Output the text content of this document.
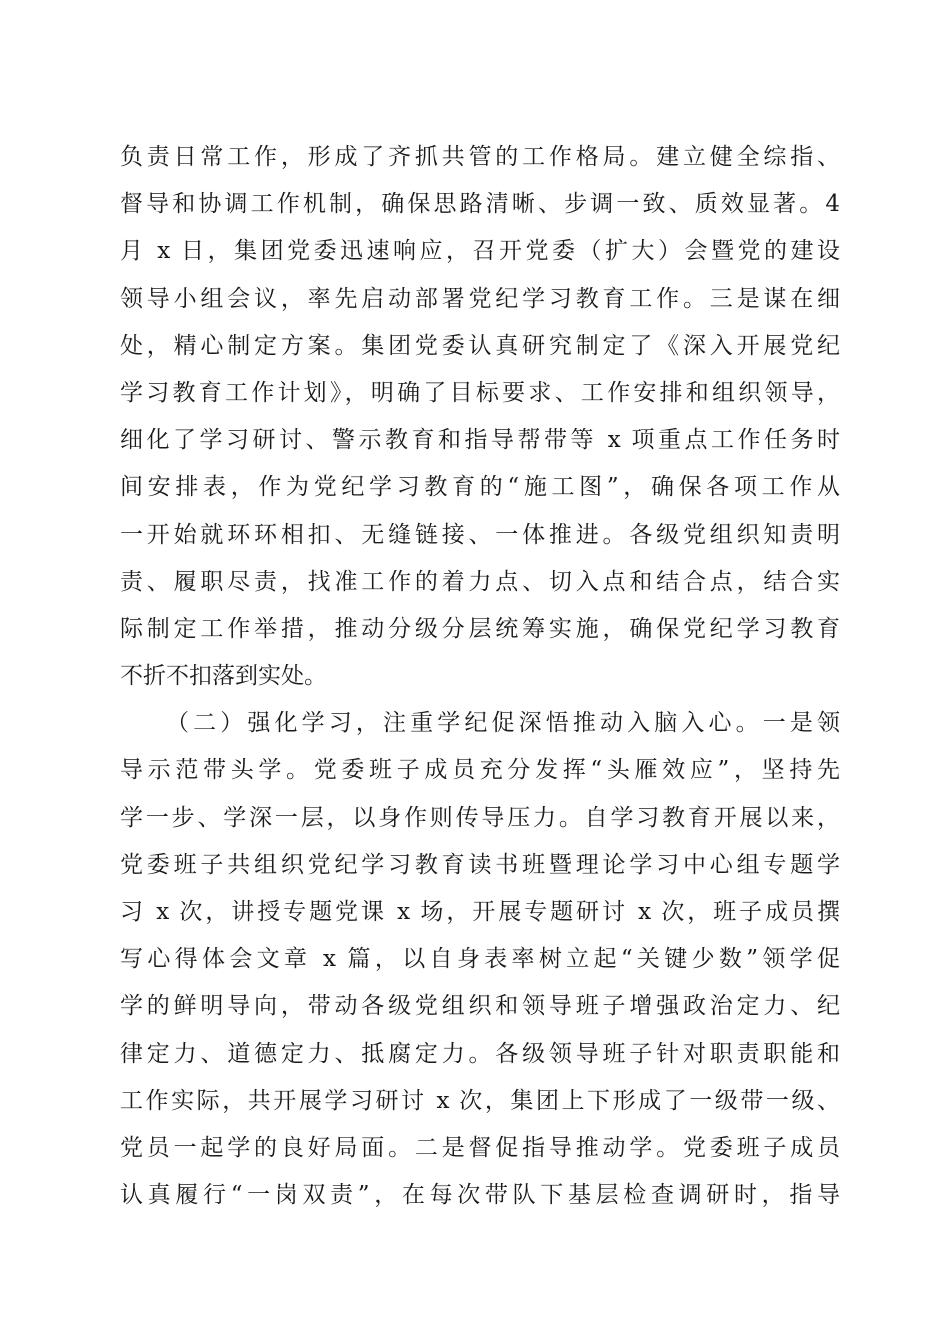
负责日常工作，形成了齐抓共管的工作格局。建立健全综指、
督导和协调工作机制，确保思路清晰、步调一致、质效显著。4
月 x 日，集团党委迅速响应，召开党委（扩大）会暨党的建设
领导小组会议，率先启动部署党纪学习教育工作。三是谋在细
处，精心制定方案。集团党委认真研究制定了《深入开展党纪
学习教育工作计划》，明确了目标要求、工作安排和组织领导，
细化了学习研讨、警示教育和指导帮带等 x 项重点工作任务时
间安排表，作为党纪学习教育的“施工图”，确保各项工作从
一开始就环环相扣、无缝链接、一体推进。各级党组织知责明
责、履职尽责，找准工作的着力点、切入点和结合点，结合实
际制定工作举措，推动分级分层统筹实施，确保党纪学习教育
不折不扣落到实处。
（二）强化学习，注重学纪促深悟推动入脑入心。一是领
导示范带头学。党委班子成员充分发挥“头雁效应”，坚持先
学一步、学深一层，以身作则传导压力。自学习教育开展以来，
党委班子共组织党纪学习教育读书班暨理论学习中心组专题学
习 x 次，讲授专题党课 x 场，开展专题研讨 x 次，班子成员撰
写心得体会文章 x 篇，以自身表率树立起“关键少数”领学促
学的鲜明导向，带动各级党组织和领导班子增强政治定力、纪
律定力、道德定力、抵腐定力。各级领导班子针对职责职能和
工作实际，共开展学习研讨 x 次，集团上下形成了一级带一级、
党员一起学的良好局面。二是督促指导推动学。党委班子成员
认真履行“一岗双责”，在每次带队下基层检查调研时，指导
